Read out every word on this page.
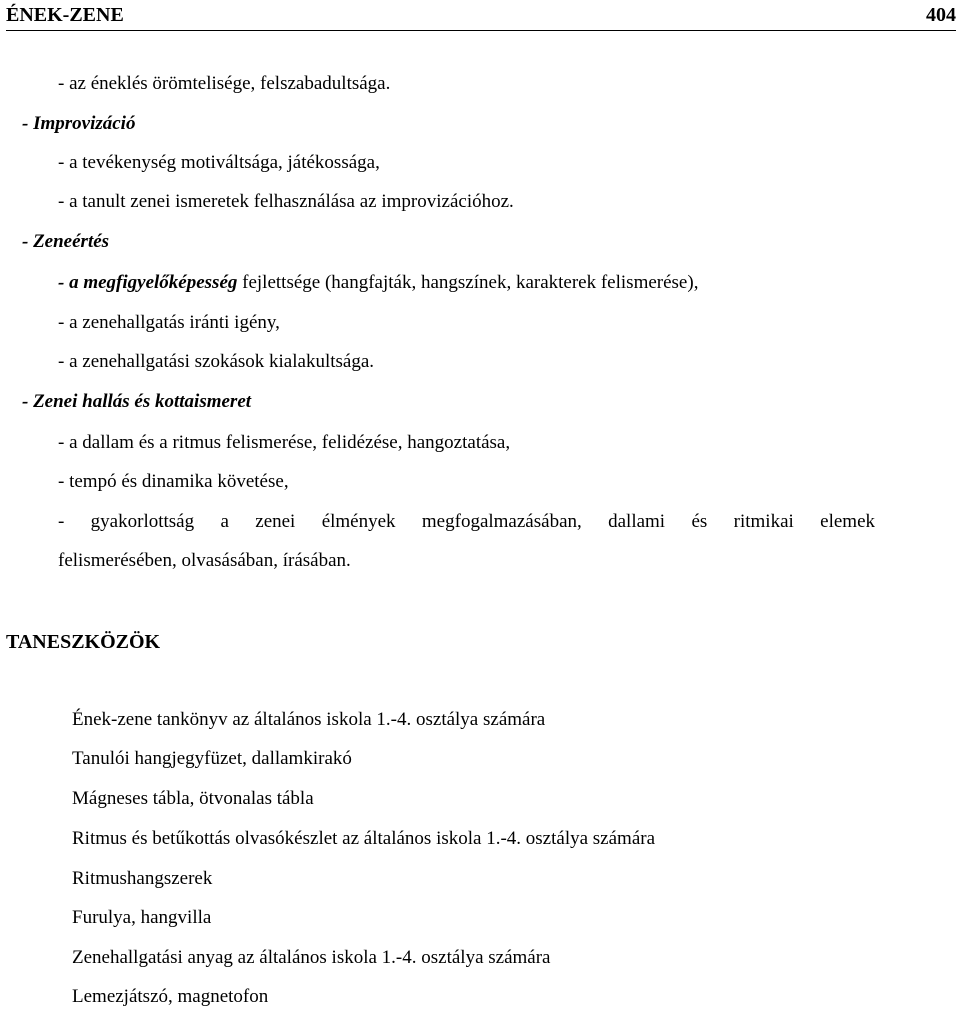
ÉNEK-ZENE	404
- az éneklés örömtelisége, felszabadultsága.
- Improvizáció
- a tevékenység motiváltsága, játékossága,
- a tanult zenei ismeretek felhasználása az improvizációhoz.
- Zeneértés
- a megfigyelőképesség fejlettsége (hangfajták, hangszínek, karakterek felismerése),
- a zenehallgatás iránti igény,
- a zenehallgatási szokások kialakultsága.
- Zenei hallás és kottaismeret
- a dallam és a ritmus felismerése, felidézése, hangoztatása,
- tempó és dinamika követése,
- gyakorlottság a zenei élmények megfogalmazásában, dallami és ritmikai elemek
felismerésében, olvasásában, írásában.
TANESZKÖZÖK
Ének-zene tankönyv az általános iskola 1.-4. osztálya számára
Tanulói hangjegyfüzet, dallamkirakó
Mágneses tábla, ötvonalas tábla
Ritmus és betűkottás olvasókészlet az általános iskola 1.-4. osztálya számára
Ritmushangszerek
Furulya, hangvilla
Zenehallgatási anyag az általános iskola 1.-4. osztálya számára
Lemezjátszó, magnetofon
